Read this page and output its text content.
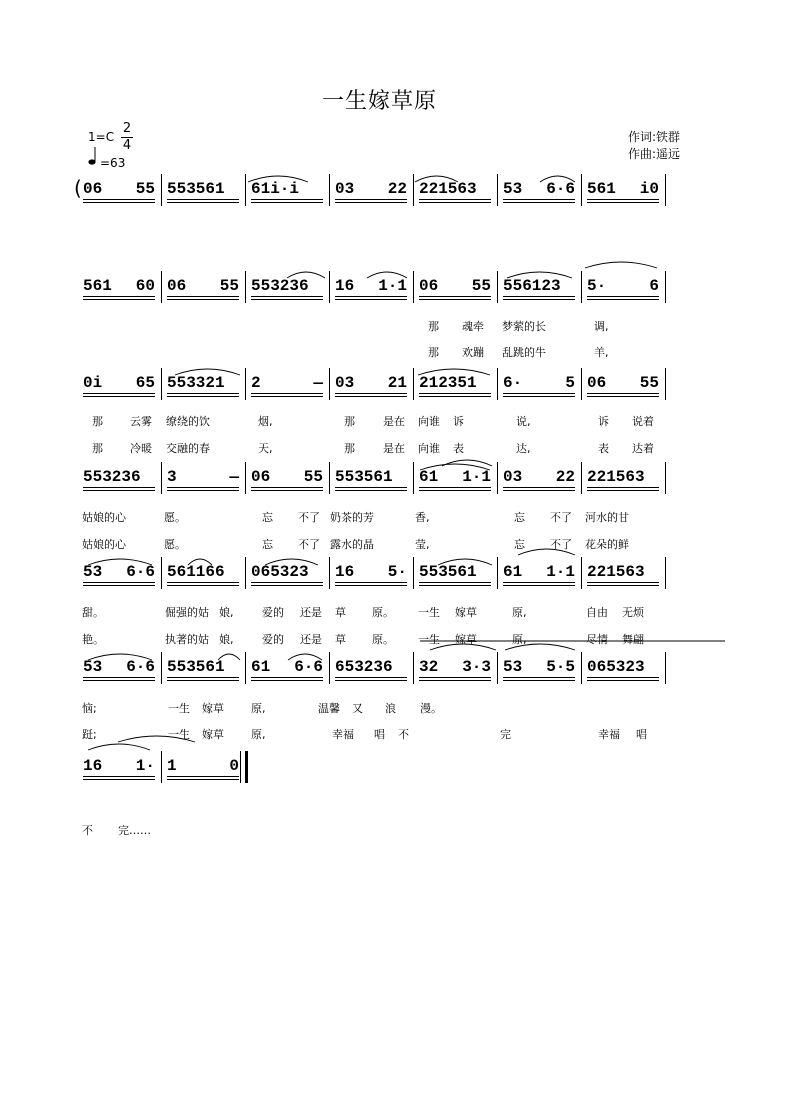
一生嫁草原
1=C
2
4
=63
作词:铁群
作曲:遥远
06 55 553561 61i·i 03 22 221563 53 6·6 561 i0
561 60 06 55 553236 16 1·1 06 55 556123 5·	6
0i 65 553321 2	— 03 21 212351 6·	5 06 55
553236 3	— 06 55 553561 61 1·1 03 22 221563
53 6·6 561166 065323 16 5· 553561 61 1·1 221563
53 6·6 553561 61 6·6 653236 32 3·3 53 5·5 065323
16 1· 1	0
(
那 魂牵 梦萦的长	调,
那 欢蹦 乱跳的牛	羊,
那 云雾 缭绕的饮	烟,	那	是在 向谁 诉	说,	诉 说着
那 冷暖 交融的春	天,	那	是在 向谁 表	达,	表 达着
姑娘的心	愿。	忘 不了 奶茶的芳	香,	忘 不了 河水的甘
姑娘的心	愿。	忘 不了 露水的晶	莹,	忘 不了 花朵的鲜
甜。	倔强的姑 娘,	爱的 还是 草 原。 一生 嫁草	原,	自由 无烦
艳。	执著的姑 娘,	爱的 还是 草 原。 一生 嫁草	原,	尽情 舞翩
恼;	一生 嫁草 原,	温馨 又 浪 漫。
跹;	一生 嫁草 原,	幸福 唱 不	完	幸福 唱
不 完……
